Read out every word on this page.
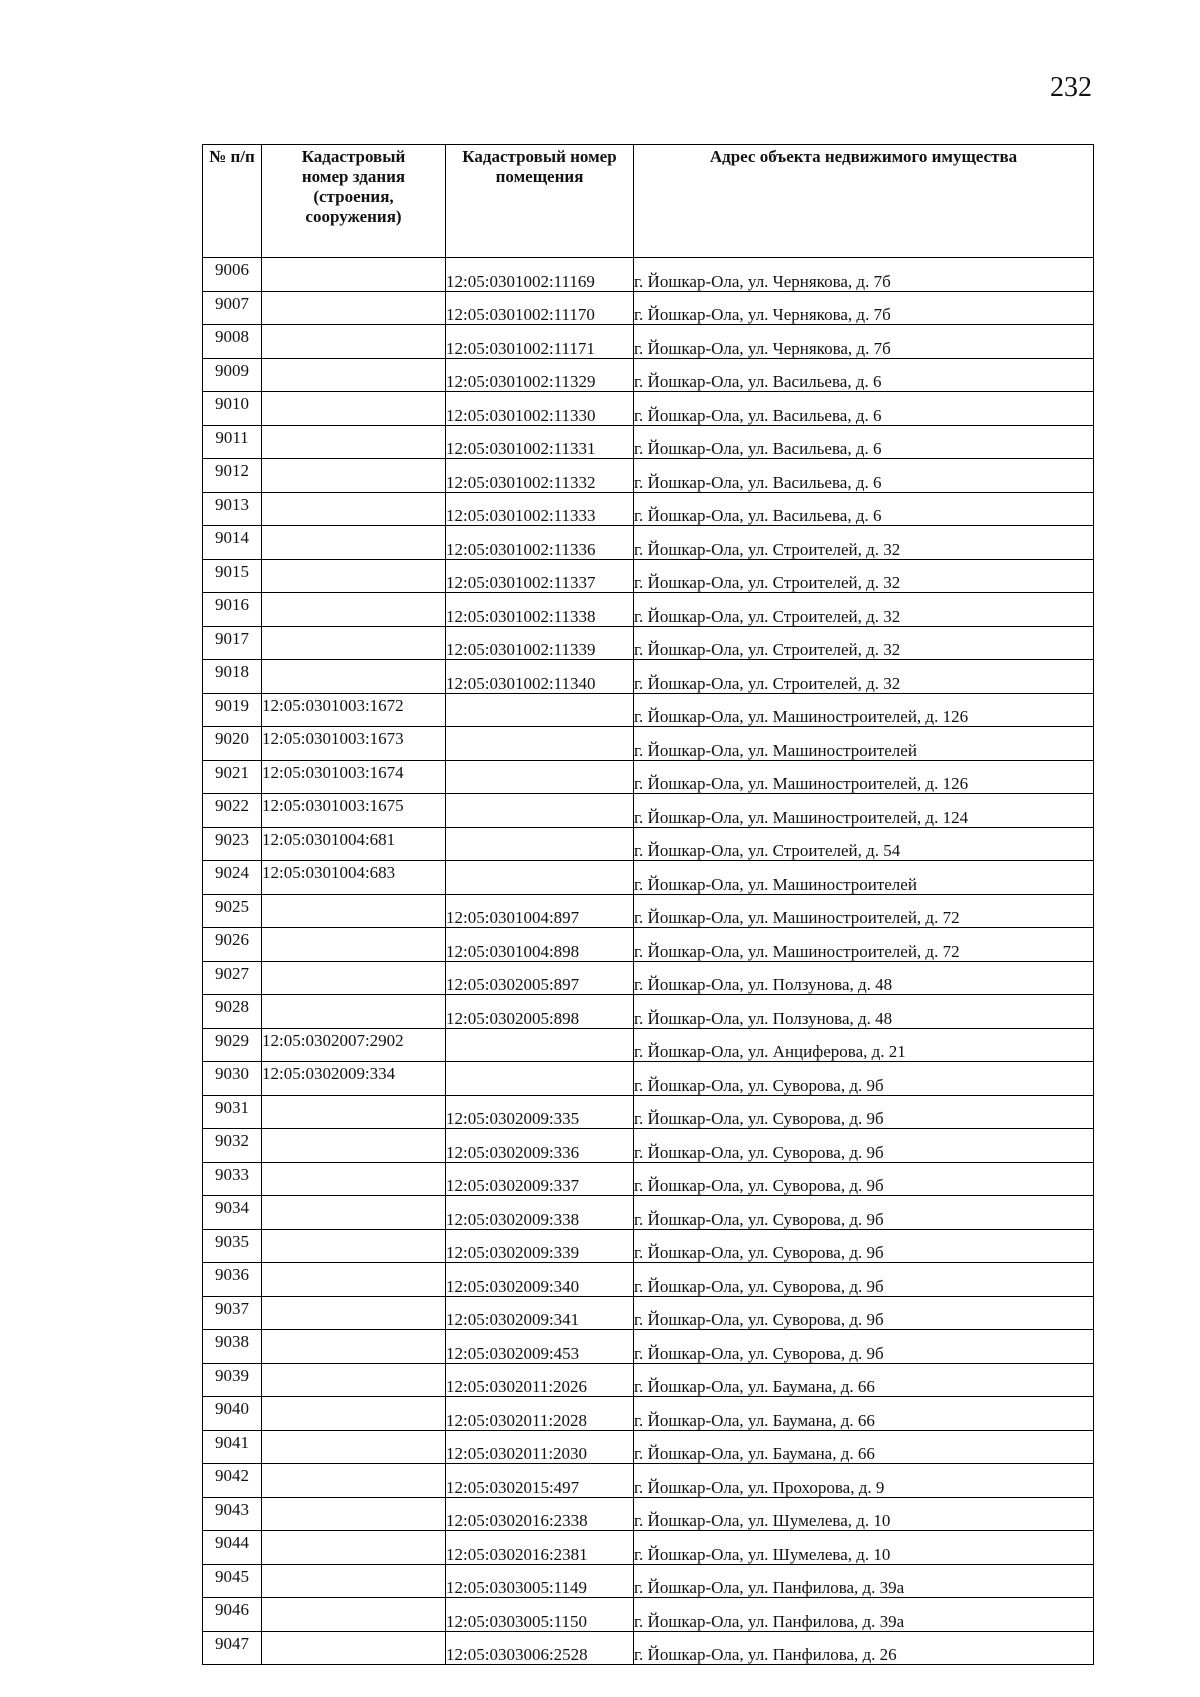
232
№ п/п	Кадастровый номер здания (строения, сооружения)	Кадастровый номер помещения	Адрес объекта недвижимого имущества

9006		12:05:0301002:11169	г. Йошкар-Ола, ул. Чернякова, д. 7б
9007		12:05:0301002:11170	г. Йошкар-Ола, ул. Чернякова, д. 7б
9008		12:05:0301002:11171	г. Йошкар-Ола, ул. Чернякова, д. 7б
9009		12:05:0301002:11329	г. Йошкар-Ола, ул. Васильева, д. 6
9010		12:05:0301002:11330	г. Йошкар-Ола, ул. Васильева, д. 6
9011		12:05:0301002:11331	г. Йошкар-Ола, ул. Васильева, д. 6
9012		12:05:0301002:11332	г. Йошкар-Ола, ул. Васильева, д. 6
9013		12:05:0301002:11333	г. Йошкар-Ола, ул. Васильева, д. 6
9014		12:05:0301002:11336	г. Йошкар-Ола, ул. Строителей, д. 32
9015		12:05:0301002:11337	г. Йошкар-Ола, ул. Строителей, д. 32
9016		12:05:0301002:11338	г. Йошкар-Ола, ул. Строителей, д. 32
9017		12:05:0301002:11339	г. Йошкар-Ола, ул. Строителей, д. 32
9018		12:05:0301002:11340	г. Йошкар-Ола, ул. Строителей, д. 32
9019	12:05:0301003:1672		г. Йошкар-Ола, ул. Машиностроителей, д. 126
9020	12:05:0301003:1673		г. Йошкар-Ола, ул. Машиностроителей
9021	12:05:0301003:1674		г. Йошкар-Ола, ул. Машиностроителей, д. 126
9022	12:05:0301003:1675		г. Йошкар-Ола, ул. Машиностроителей, д. 124
9023	12:05:0301004:681		г. Йошкар-Ола, ул. Строителей, д. 54
9024	12:05:0301004:683		г. Йошкар-Ола, ул. Машиностроителей
9025		12:05:0301004:897	г. Йошкар-Ола, ул. Машиностроителей, д. 72
9026		12:05:0301004:898	г. Йошкар-Ола, ул. Машиностроителей, д. 72
9027		12:05:0302005:897	г. Йошкар-Ола, ул. Ползунова, д. 48
9028		12:05:0302005:898	г. Йошкар-Ола, ул. Ползунова, д. 48
9029	12:05:0302007:2902		г. Йошкар-Ола, ул. Анциферова, д. 21
9030	12:05:0302009:334		г. Йошкар-Ола, ул. Суворова, д. 9б
9031		12:05:0302009:335	г. Йошкар-Ола, ул. Суворова, д. 9б
9032		12:05:0302009:336	г. Йошкар-Ола, ул. Суворова, д. 9б
9033		12:05:0302009:337	г. Йошкар-Ола, ул. Суворова, д. 9б
9034		12:05:0302009:338	г. Йошкар-Ола, ул. Суворова, д. 9б
9035		12:05:0302009:339	г. Йошкар-Ола, ул. Суворова, д. 9б
9036		12:05:0302009:340	г. Йошкар-Ола, ул. Суворова, д. 9б
9037		12:05:0302009:341	г. Йошкар-Ола, ул. Суворова, д. 9б
9038		12:05:0302009:453	г. Йошкар-Ола, ул. Суворова, д. 9б
9039		12:05:0302011:2026	г. Йошкар-Ола, ул. Баумана, д. 66
9040		12:05:0302011:2028	г. Йошкар-Ола, ул. Баумана, д. 66
9041		12:05:0302011:2030	г. Йошкар-Ола, ул. Баумана, д. 66
9042		12:05:0302015:497	г. Йошкар-Ола, ул. Прохорова, д. 9
9043		12:05:0302016:2338	г. Йошкар-Ола, ул. Шумелева, д. 10
9044		12:05:0302016:2381	г. Йошкар-Ола, ул. Шумелева, д. 10
9045		12:05:0303005:1149	г. Йошкар-Ола, ул. Панфилова, д. 39а
9046		12:05:0303005:1150	г. Йошкар-Ола, ул. Панфилова, д. 39а
9047		12:05:0303006:2528	г. Йошкар-Ола, ул. Панфилова, д. 26
